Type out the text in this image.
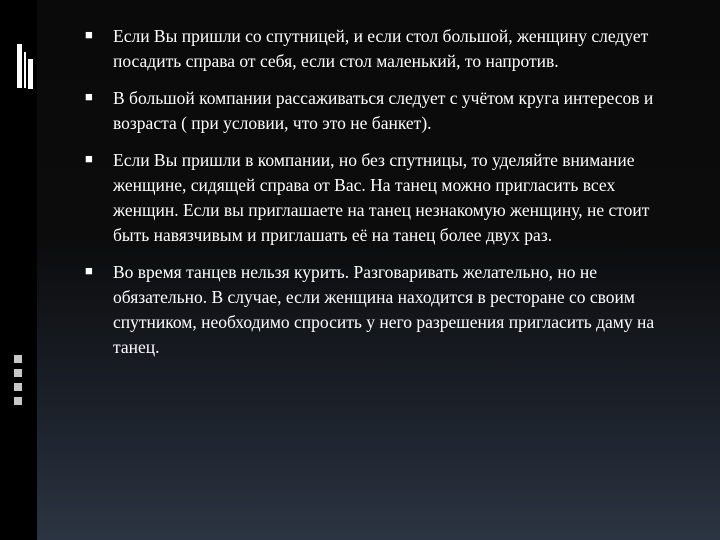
■ Если Вы пришли со спутницей, и если стол большой, женщину следует посадить справа от себя, если стол маленький, то напротив.
■ В большой компании рассаживаться следует с учётом круга интересов и возраста ( при условии, что это не банкет).
■ Если Вы пришли в компании, но без спутницы, то уделяйте внимание женщине, сидящей справа от Вас. На танец можно пригласить всех женщин. Если вы приглашаете на танец незнакомую женщину, не стоит быть навязчивым и приглашать её на танец более двух раз.
■ Во время танцев нельзя курить. Разговаривать желательно, но не обязательно. В случае, если женщина находится в ресторане со своим спутником, необходимо спросить у него разрешения пригласить даму на танец.
